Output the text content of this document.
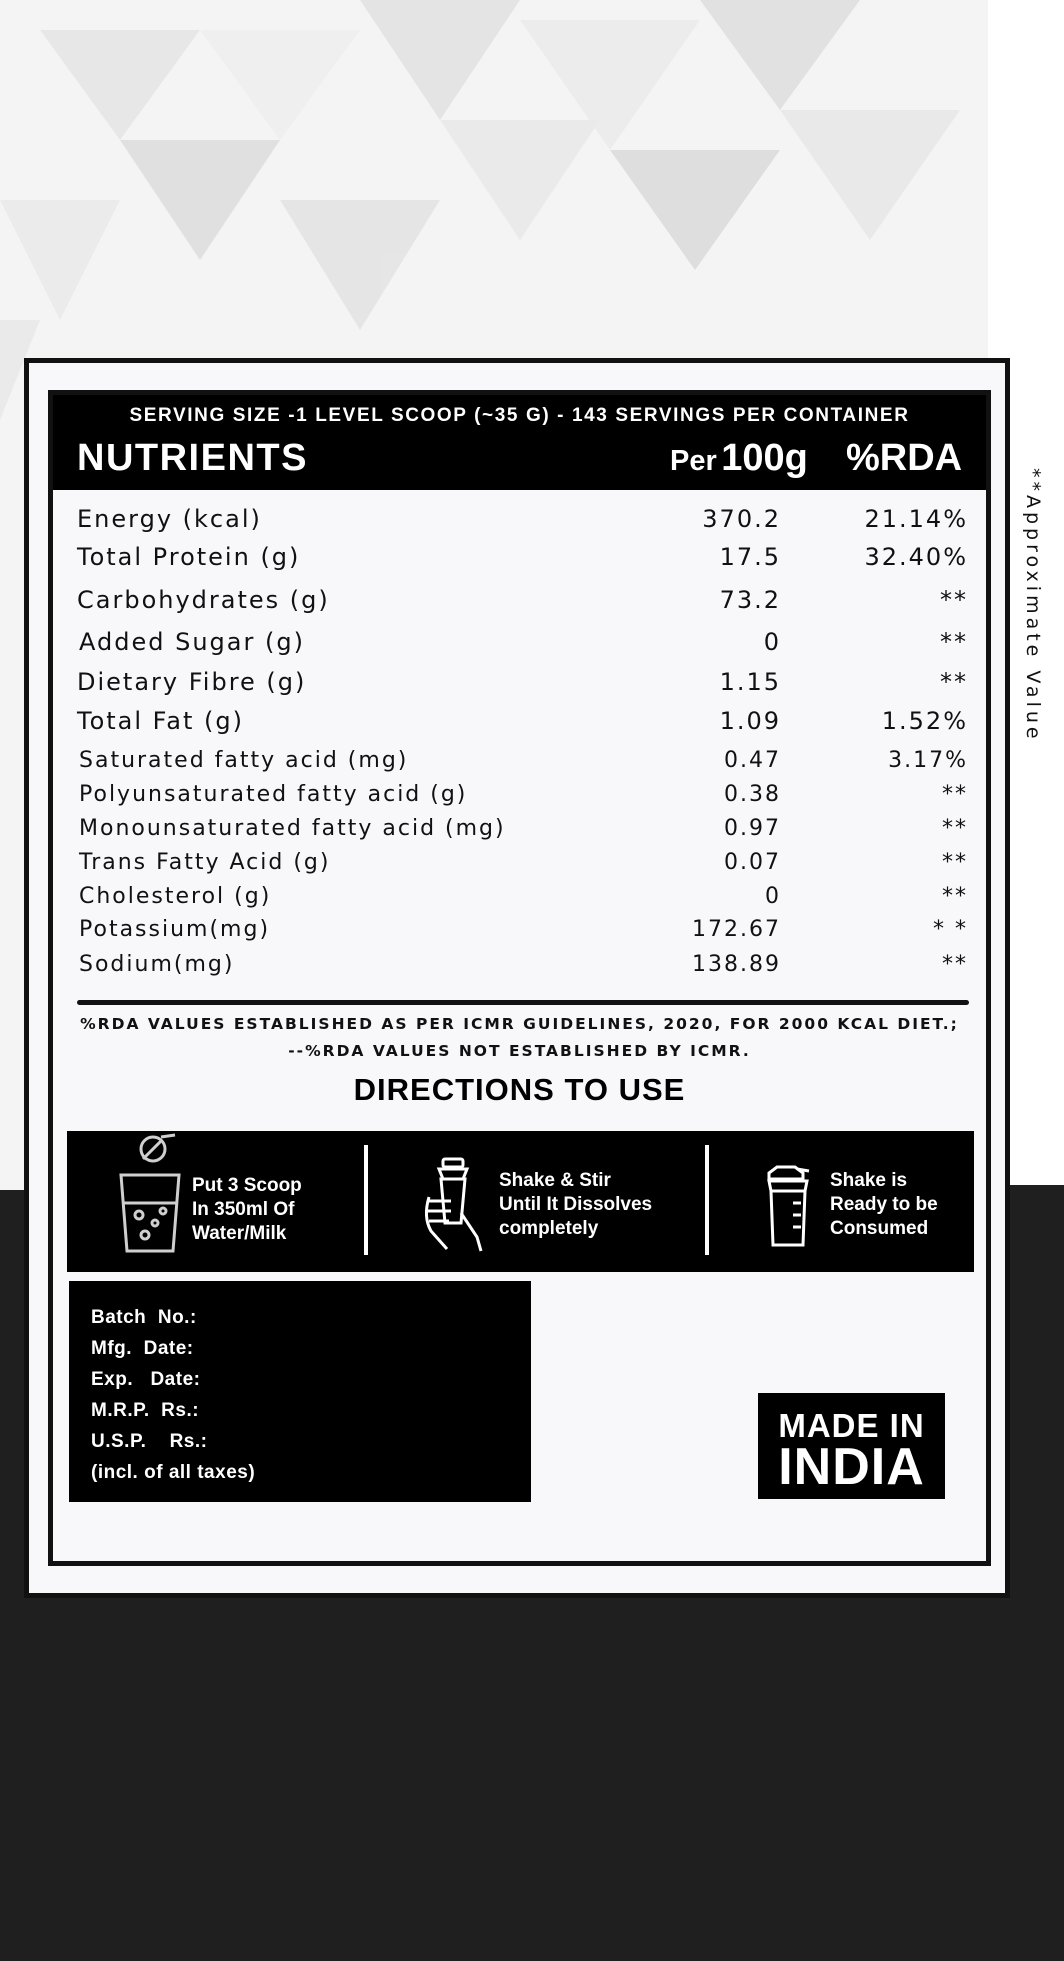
**Approximate Value
SERVING SIZE -1 LEVEL SCOOP (~35 G) - 143 SERVINGS PER CONTAINER
NUTRIENTS	Per 100g %RDA
Energy (kcal)	370.2	21.14%
Total Protein (g)	17.5	32.40%
Carbohydrates (g)	73.2	**
Added Sugar (g)	0	**
Dietary Fibre (g)	1.15	**
Total Fat (g)	1.09	1.52%
Saturated fatty acid (mg)	0.47	3.17%
Polyunsaturated fatty acid (g)	0.38	**
Monounsaturated fatty acid (mg)	0.97	**
Trans Fatty Acid (g)	0.07	**
Cholesterol (g)	0	**
Potassium(mg)	172.67	* *
Sodium(mg)	138.89	**
%RDA VALUES ESTABLISHED AS PER ICMR GUIDELINES, 2020, FOR 2000 KCAL DIET.;
--%RDA VALUES NOT ESTABLISHED BY ICMR.
DIRECTIONS TO USE
Put 3 Scoop
In 350ml Of
Water/Milk
Shake & Stir
Until It Dissolves
completely
Shake is
Ready to be
Consumed
Batch  No.:
Mfg.  Date:
Exp.   Date:
M.R.P.  Rs.:
U.S.P.    Rs.:
(incl. of all taxes)
MADE IN
INDIA
